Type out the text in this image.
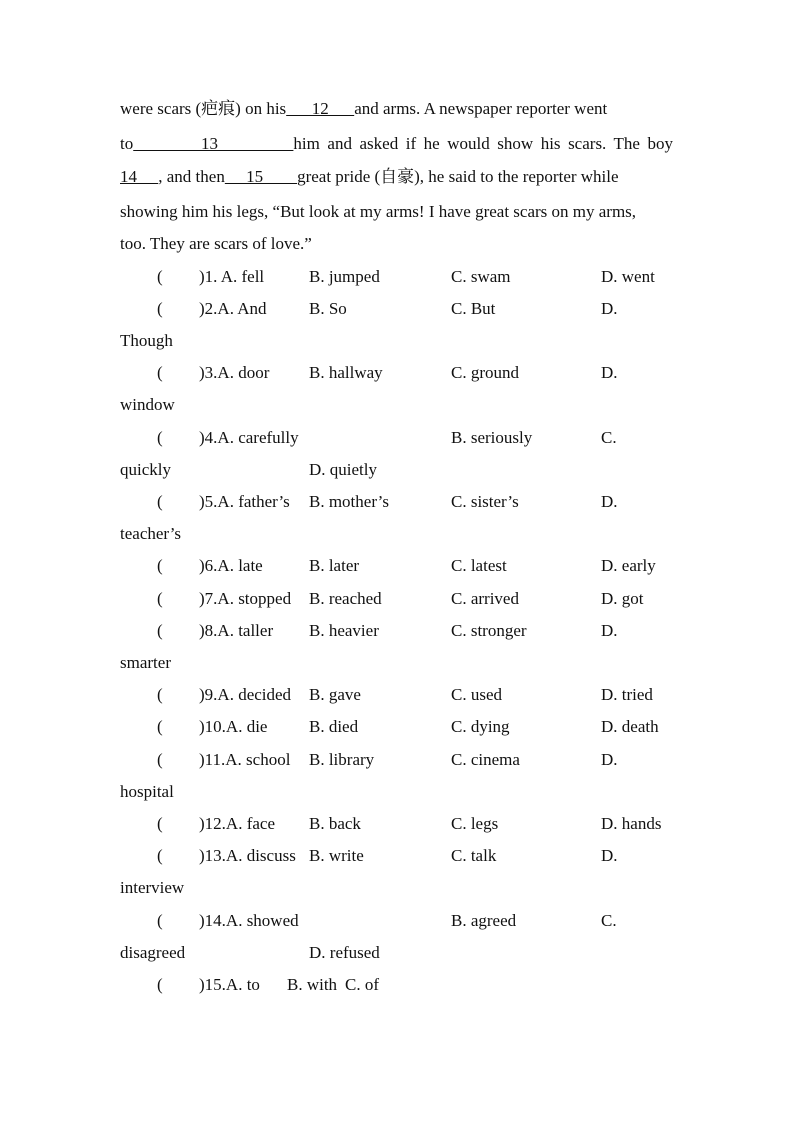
were scars (疤痕) on his      12      and arms. A newspaper reporter went
to         13          him and asked if he would show his scars. The boy
14     , and then     15        great pride (自豪), he said to the reporter while
showing him his legs, “But look at my arms! I have great scars on my arms,
too. They are scars of love.”
( )1. A. fell	B. jumped	C. swam	D. went
( )2.A. And B. So	C. But	D.
Though
( )3.A. door B. hallway	C. ground	D.
window
( )4.A. carefully	B. seriously	C.
quickly	D. quietly
( )5.A. father’s B. mother’s	C. sister’s	D.
teacher’s
( )6.A. late	B. later	C. latest	D. early
( )7.A. stopped B. reached	C. arrived	D. got
( )8.A. taller B. heavier	C. stronger	D.
smarter
( )9.A. decided B. gave	C. used	D. tried
( )10.A. die B. died	C. dying	D. death
( )11.A. school B. library	C. cinema	D.
hospital
( )12.A. face B. back	C. legs	D. hands
( )13.A. discuss B. write	C. talk	D.
interview
( )14.A. showed	B. agreed	C.
disagreed	D. refused
( )15.A. to B. with C. of
